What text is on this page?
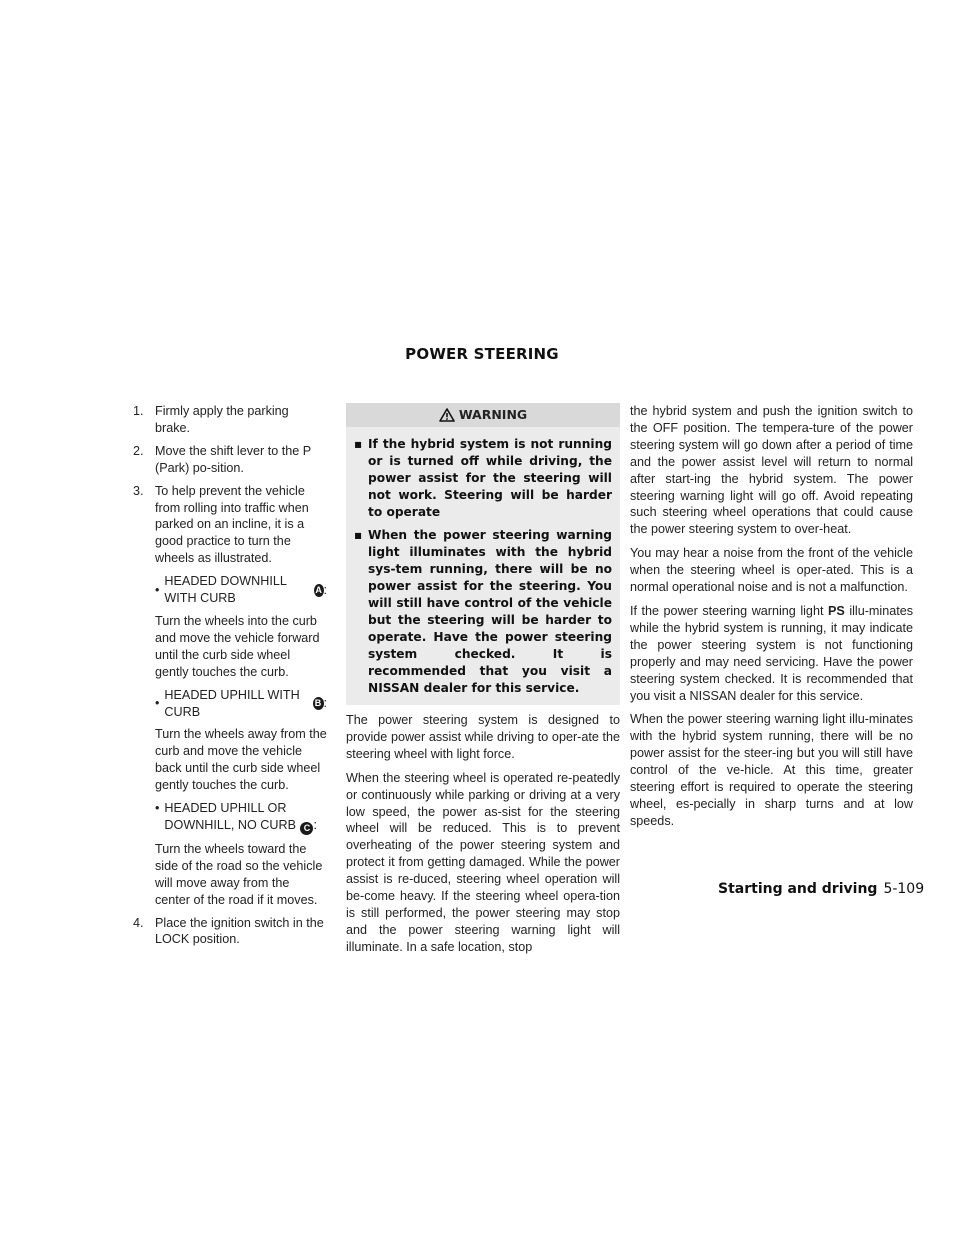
POWER STEERING
1. Firmly apply the parking brake.
2. Move the shift lever to the P (Park) po-sition.
3. To help prevent the vehicle from rolling into traffic when parked on an incline, it is a good practice to turn the wheels as illustrated.
•
HEADED DOWNHILL WITH CURB
A :
Turn the wheels into the curb and move the vehicle forward until the curb side wheel gently touches the curb.
•
HEADED UPHILL WITH CURB
B :
Turn the wheels away from the curb and move the vehicle back until the curb side wheel gently touches the curb.
• HEADED UPHILL OR DOWNHILL, NO CURB C :
Turn the wheels toward the side of the road so the vehicle will move away from the center of the road if it moves.
4. Place the ignition switch in the LOCK position.
WARNING
▪ If the hybrid system is not running or is turned off while driving, the power assist for the steering will not work. Steering will be harder to operate
▪ When the power steering warning light illuminates with the hybrid sys-tem running, there will be no power assist for the steering. You will still have control of the vehicle but the steering will be harder to operate. Have the power steering system checked. It is recommended that you visit a NISSAN dealer for this service.

The power steering system is designed to provide power assist while driving to oper-ate the steering wheel with light force.

When the steering wheel is operated re-peatedly or continuously while parking or driving at a very low speed, the power as-sist for the steering wheel will be reduced. This is to prevent overheating of the power steering system and protect it from getting damaged. While the power assist is re-duced, steering wheel operation will be-come heavy. If the steering wheel opera-tion is still performed, the power steering may stop and the power steering warning light will illuminate. In a safe location, stop

the hybrid system and push the ignition switch to the OFF position. The tempera-ture of the power steering system will go down after a period of time and the power assist level will return to normal after start-ing the hybrid system. The power steering warning light will go off. Avoid repeating such steering wheel operations that could cause the power steering system to over-heat.

You may hear a noise from the front of the vehicle when the steering wheel is oper-ated. This is a normal operational noise and is not a malfunction.

If the power steering warning light PS illu-minates while the hybrid system is running, it may indicate the power steering system is not functioning properly and may need servicing. Have the power steering system checked. It is recommended that you visit a NISSAN dealer for this service.

When the power steering warning light illu-minates with the hybrid system running, there will be no power assist for the steer-ing but you will still have control of the ve-hicle. At this time, greater steering effort is required to operate the steering wheel, es-pecially in sharp turns and at low speeds.

Starting and driving 5-109
